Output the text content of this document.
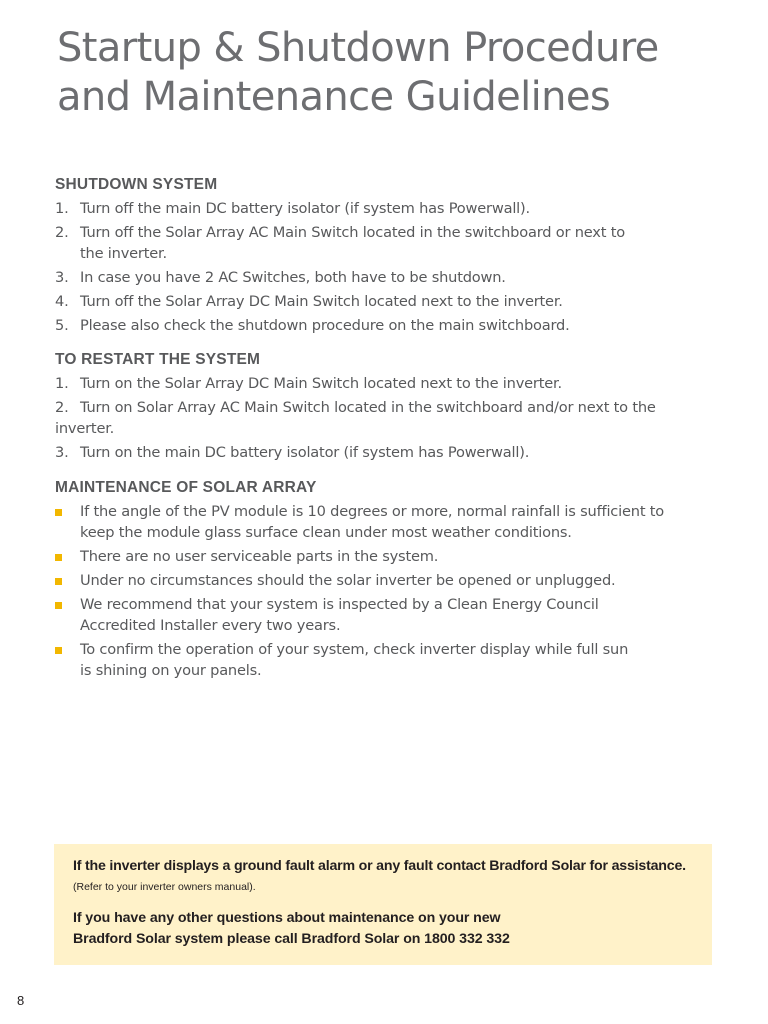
Startup & Shutdown Procedure
and Maintenance Guidelines

SHUTDOWN SYSTEM

1. Turn off the main DC battery isolator (if system has Powerwall).
2. Turn off the Solar Array AC Main Switch located in the switchboard or next to
the inverter.
3. In case you have 2 AC Switches, both have to be shutdown.
4. Turn off the Solar Array DC Main Switch located next to the inverter.
5. Please also check the shutdown procedure on the main switchboard.

TO RESTART THE SYSTEM

1. Turn on the Solar Array DC Main Switch located next to the inverter.
2. Turn on Solar Array AC Main Switch located in the switchboard and/or next to the inverter.
3. Turn on the main DC battery isolator (if system has Powerwall).

MAINTENANCE OF SOLAR ARRAY

If the angle of the PV module is 10 degrees or more, normal rainfall is sufficient to
keep the module glass surface clean under most weather conditions.
There are no user serviceable parts in the system.
Under no circumstances should the solar inverter be opened or unplugged.
We recommend that your system is inspected by a Clean Energy Council
Accredited Installer every two years.
To confirm the operation of your system, check inverter display while full sun
is shining on your panels.

If the inverter displays a ground fault alarm or any fault contact Bradford Solar for assistance.

(Refer to your inverter owners manual).

If you have any other questions about maintenance on your new
Bradford Solar system please call Bradford Solar on 1800 332 332

8
